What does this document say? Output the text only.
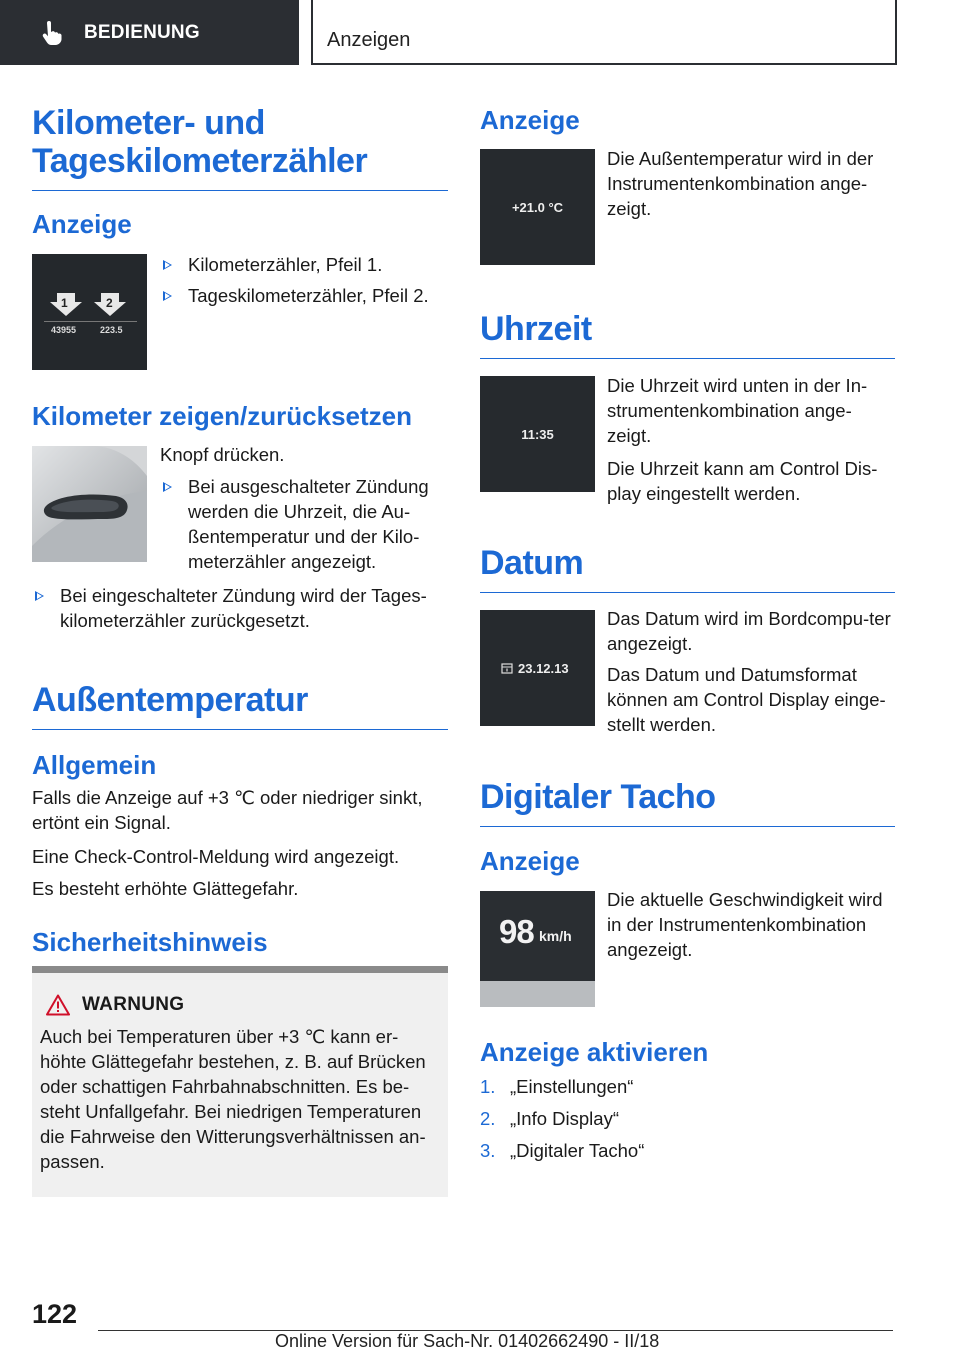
BEDIENUNG	Anzeigen
Kilometer- und Tageskilometerzähler
Anzeige
1	2
43955	223.5
Kilometerzähler, Pfeil 1.
Tageskilometerzähler, Pfeil 2.
Kilometer zeigen/zurücksetzen

Knopf drücken.

Bei ausgeschalteter Zündung werden die Uhrzeit, die Au-ßentemperatur und der Kilo-meterzähler angezeigt.
Bei eingeschalteter Zündung wird der Tages-kilometerzähler zurückgesetzt.
Außentemperatur
Allgemein

Falls die Anzeige auf +3 ℃ oder niedriger sinkt, ertönt ein Signal.

Eine Check-Control-Meldung wird angezeigt.

Es besteht erhöhte Glättegefahr.

Sicherheitshinweis
WARNUNG

Auch bei Temperaturen über +3 ℃ kann er-höhte Glättegefahr bestehen, z. B. auf Brücken oder schattigen Fahrbahnabschnitten. Es be-steht Unfallgefahr. Bei niedrigen Temperaturen die Fahrweise den Witterungsverhältnissen an-passen.

Anzeige
+21.0 °C

Die Außentemperatur wird in der Instrumentenkombination ange-zeigt.

Uhrzeit
11:35

Die Uhrzeit wird unten in der In-strumentenkombination ange-zeigt.

Die Uhrzeit kann am Control Dis-play eingestellt werden.

Datum
23.12.13

Das Datum wird im Bordcompu-ter angezeigt.

Das Datum und Datumsformat können am Control Display einge-stellt werden.

Digitaler Tacho
Anzeige
98 km/h

Die aktuelle Geschwindigkeit wird in der Instrumentenkombination angezeigt.

Anzeige aktivieren
1. „Einstellungen“
2. „Info Display“
3. „Digitaler Tacho“
122
Online Version für Sach-Nr. 01402662490 - II/18
